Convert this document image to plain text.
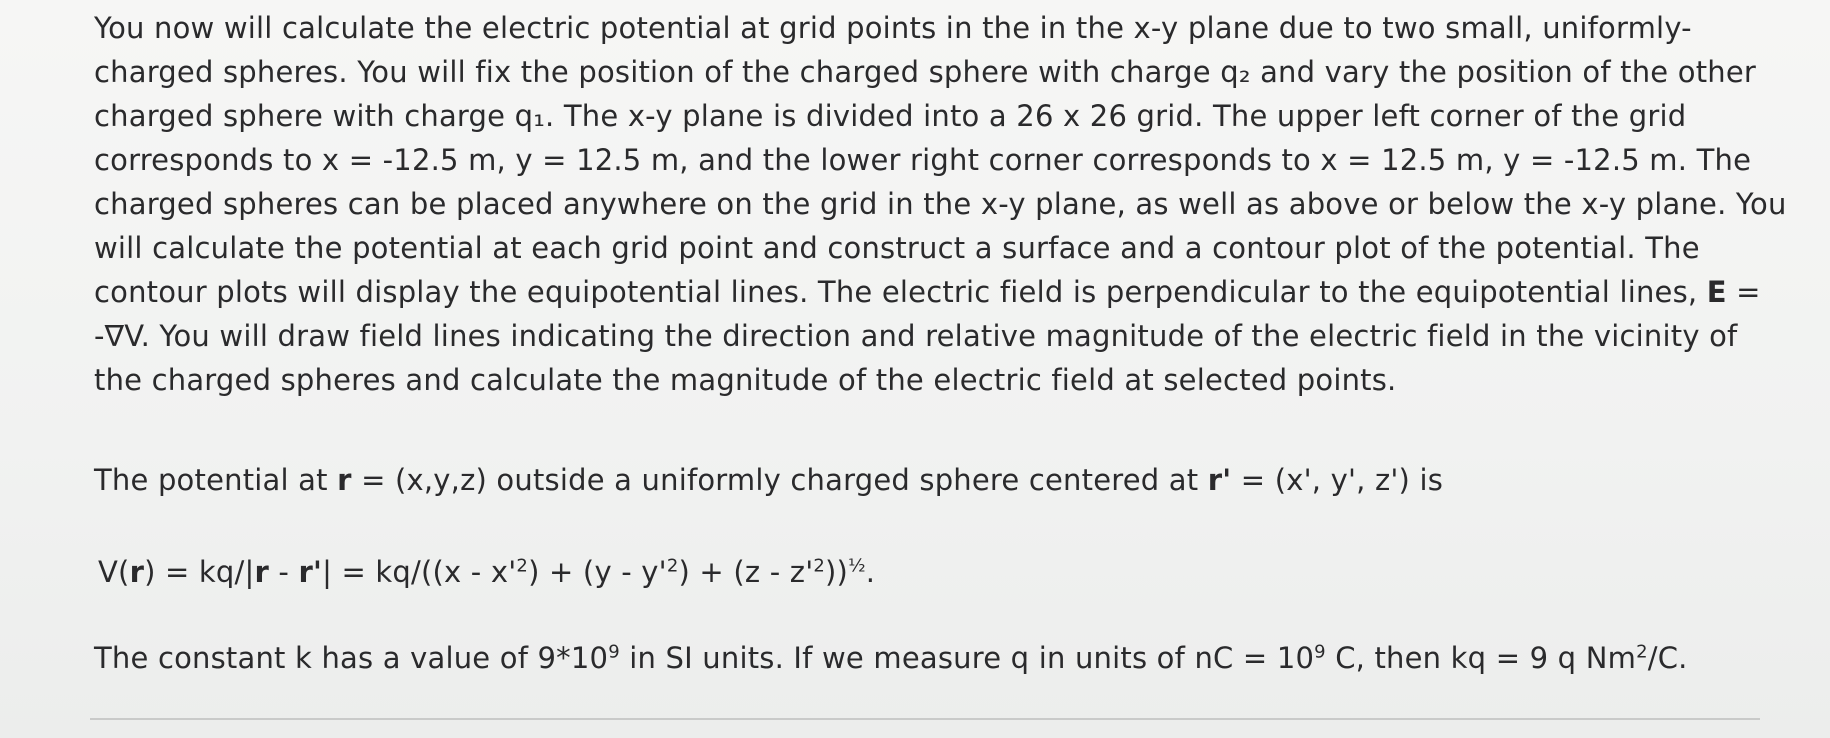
You now will calculate the electric potential at grid points in the in the x-y plane due to two small, uniformly-
charged spheres. You will fix the position of the charged sphere with charge q₂ and vary the position of the other
charged sphere with charge q₁. The x-y plane is divided into a 26 x 26 grid. The upper left corner of the grid
corresponds to x = -12.5 m, y = 12.5 m, and the lower right corner corresponds to x = 12.5 m, y = -12.5 m. The
charged spheres can be placed anywhere on the grid in the x-y plane, as well as above or below the x-y plane. You
will calculate the potential at each grid point and construct a surface and a contour plot of the potential. The
contour plots will display the equipotential lines. The electric field is perpendicular to the equipotential lines, E =
-∇V. You will draw field lines indicating the direction and relative magnitude of the electric field in the vicinity of
the charged spheres and calculate the magnitude of the electric field at selected points.

The potential at r = (x,y,z) outside a uniformly charged sphere centered at r' = (x', y', z') is

$V(r) = kq/|r - r'| = kq/((x - x'^2) + (y - y'^2) + (z - z'^2))^{\frac{1}{2}}$.

The constant k has a value of $9*10^9$ in SI units. If we measure q in units of nC = $10^9$ C, then kq = 9 q Nm$^2$/C.
